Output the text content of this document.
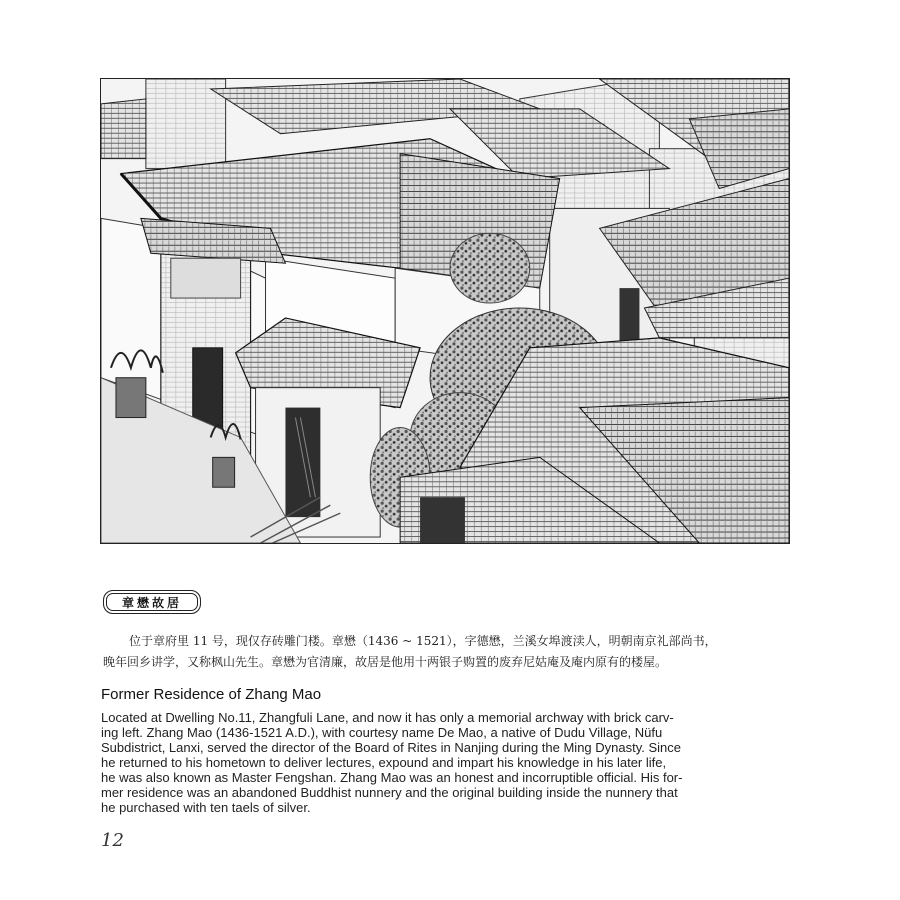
章懋故居

位于章府里 11 号，现仅存砖雕门楼。章懋（1436 ~ 1521），字德懋，兰溪女埠渡渎人，明朝南京礼部尚书，

晚年回乡讲学，又称枫山先生。章懋为官清廉，故居是他用十两银子购置的废弃尼姑庵及庵内原有的楼屋。

Former Residence of Zhang Mao

Located at Dwelling No.11, Zhangfuli Lane, and now it has only a memorial archway with brick carv-

ing left. Zhang Mao (1436-1521 A.D.), with courtesy name De Mao, a native of Dudu Village, Nüfu

Subdistrict, Lanxi, served the director of the Board of Rites in Nanjing during the Ming Dynasty. Since

he returned to his hometown to deliver lectures, expound and impart his knowledge in his later life,

he was also known as Master Fengshan. Zhang Mao was an honest and incorruptible official. His for-

mer residence was an abandoned Buddhist nunnery and the original building inside the nunnery that

he purchased with ten taels of silver.

12
